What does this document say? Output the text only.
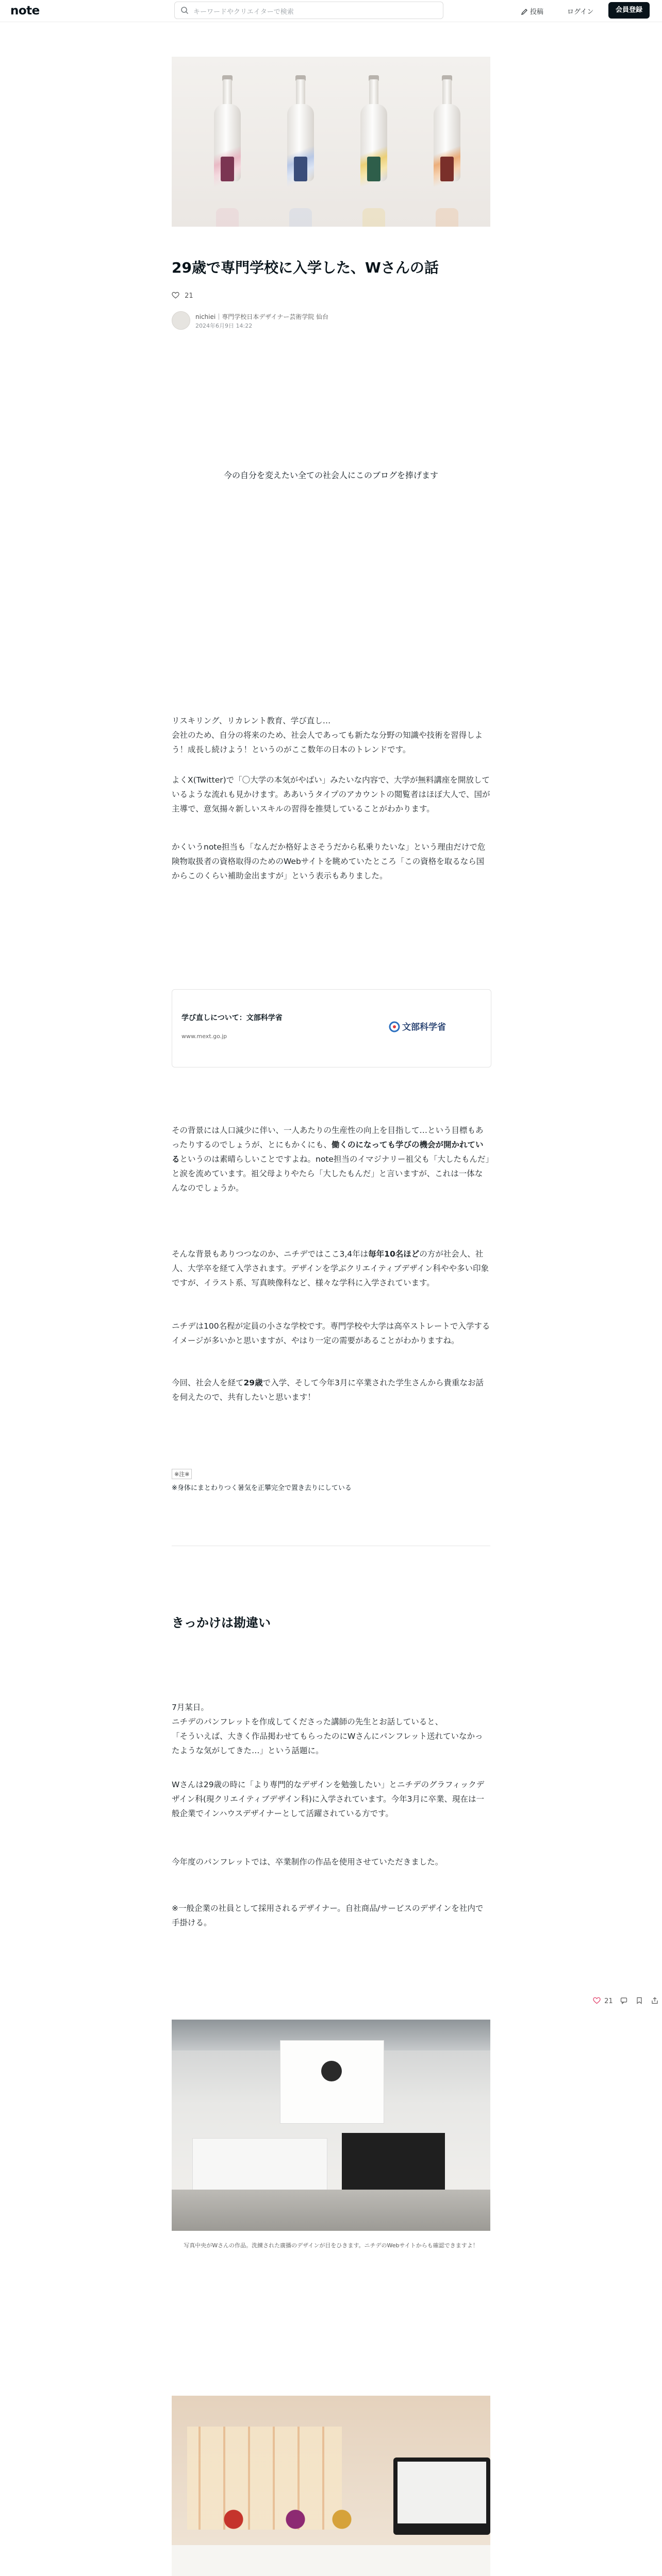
note	キーワードやクリエイターで検索	投稿	ログイン	会員登録
29歳で専門学校に入学した、Wさんの話
21
nichiei｜専門学校日本デザイナー芸術学院 仙台
2024年6月9日 14:22
今の自分を変えたい全ての社会人にこのブログを捧げます
リスキリング、リカレント教育、学び直し…
会社のため、自分の将来のため、社会人であっても新たな分野の知識や技術を習得しよう！成長し続けよう！というのがここ数年の日本のトレンドです。
よくX(Twitter)で「〇大学の本気がやばい」みたいな内容で、大学が無料講座を開放しているような流れも見かけます。ああいうタイプのアカウントの閲覧者はほぼ大人で、国が主導で、意気揚々新しいスキルの習得を推奨していることがわかります。
かくいうnote担当も「なんだか格好よさそうだから私乗りたいな」という理由だけで危険物取扱者の資格取得のためのWebサイトを眺めていたところ「この資格を取るなら国からこのくらい補助金出ますが」という表示もありました。
学び直しについて：文部科学省
www.mext.go.jp
文部科学省
その背景には人口減少に伴い、一人あたりの生産性の向上を目指して…という目標もあったりするのでしょうが、とにもかくにも、働くのになっても学びの機会が開かれているというのは素晴らしいことですよね。note担当のイマジナリー祖父も「大したもんだ」と涙を流めています。祖父母よりやたら「大したもんだ」と言いますが、これは一体なんなのでしょうか。
そんな背景もありつつなのか、ニチデではここ3,4年は毎年10名ほどの方が社会人、社人、大学卒を経て入学されます。デザインを学ぶクリエイティブデザイン科やや多い印象ですが、イラスト系、写真映像科など、様々な学科に入学されています。
ニチデは100名程が定員の小さな学校です。専門学校や大学は高卒ストレートで入学するイメージが多いかと思いますが、やはり一定の需要があることがわかりますね。
今回、社会人を経て29歳で入学、そして今年3月に卒業された学生さんから貴重なお話を伺えたので、共有したいと思います！
※注※
※身体にまとわりつく暑気を正攀完全で置き去りにしている
きっかけは勘違い
7月某日。
ニチデのパンフレットを作成してくださった講師の先生とお話していると、
「そういえば、大きく作品掲わせてもらったのにWさんにパンフレット送れていなかったような気がしてきた…」という話題に。
Wさんは29歳の時に「より専門的なデザインを勉強したい」とニチデのグラフィックデザイン科(現クリエイティブデザイン科)に入学されています。今年3月に卒業、現在は一般企業でインハウスデザイナーとして活躍されている方です。
今年度のパンフレットでは、卒業制作の作品を使用させていただきました。
※一般企業の社員として採用されるデザイナー。自社商品/サービスのデザインを社内で手掛ける。
写真中央がWさんの作品。洗練された廣播のデザインが目をひきます。ニチデのWebサイトからも確認できますよ！
21
